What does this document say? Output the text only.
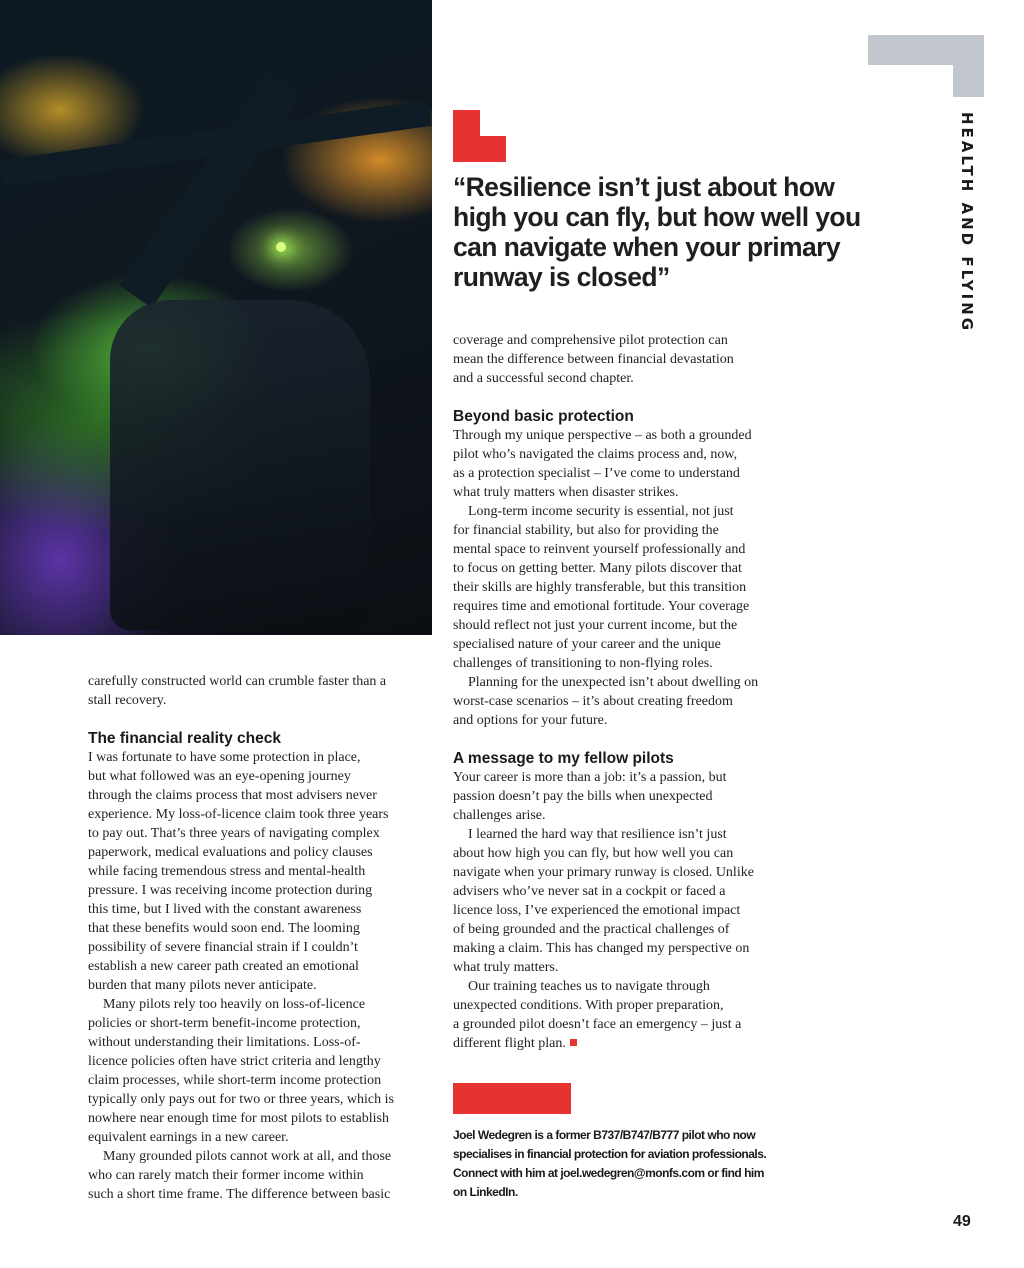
HEALTH AND FLYING
“Resilience isn’t just about how
high you can fly, but how well you
can navigate when your primary
runway is closed”
carefully constructed world can crumble faster than a
stall recovery.
The financial reality check
I was fortunate to have some protection in place,
but what followed was an eye-opening journey
through the claims process that most advisers never
experience. My loss-of-licence claim took three years
to pay out. That’s three years of navigating complex
paperwork, medical evaluations and policy clauses
while facing tremendous stress and mental-health
pressure. I was receiving income protection during
this time, but I lived with the constant awareness
that these benefits would soon end. The looming
possibility of severe financial strain if I couldn’t
establish a new career path created an emotional
burden that many pilots never anticipate.
Many pilots rely too heavily on loss-of-licence
policies or short-term benefit-income protection,
without understanding their limitations. Loss-of-
licence policies often have strict criteria and lengthy
claim processes, while short-term income protection
typically only pays out for two or three years, which is
nowhere near enough time for most pilots to establish
equivalent earnings in a new career.
Many grounded pilots cannot work at all, and those
who can rarely match their former income within
such a short time frame. The difference between basic
coverage and comprehensive pilot protection can
mean the difference between financial devastation
and a successful second chapter.
Beyond basic protection
Through my unique perspective – as both a grounded
pilot who’s navigated the claims process and, now,
as a protection specialist – I’ve come to understand
what truly matters when disaster strikes.
Long-term income security is essential, not just
for financial stability, but also for providing the
mental space to reinvent yourself professionally and
to focus on getting better. Many pilots discover that
their skills are highly transferable, but this transition
requires time and emotional fortitude. Your coverage
should reflect not just your current income, but the
specialised nature of your career and the unique
challenges of transitioning to non-flying roles.
Planning for the unexpected isn’t about dwelling on
worst-case scenarios – it’s about creating freedom
and options for your future.
A message to my fellow pilots
Your career is more than a job: it’s a passion, but
passion doesn’t pay the bills when unexpected
challenges arise.
I learned the hard way that resilience isn’t just
about how high you can fly, but how well you can
navigate when your primary runway is closed. Unlike
advisers who’ve never sat in a cockpit or faced a
licence loss, I’ve experienced the emotional impact
of being grounded and the practical challenges of
making a claim. This has changed my perspective on
what truly matters.
Our training teaches us to navigate through
unexpected conditions. With proper preparation,
a grounded pilot doesn’t face an emergency – just a
different flight plan.
Joel Wedegren is a former B737/B747/B777 pilot who now
specialises in financial protection for aviation professionals.
Connect with him at joel.wedegren@monfs.com or find him
on LinkedIn.
49
